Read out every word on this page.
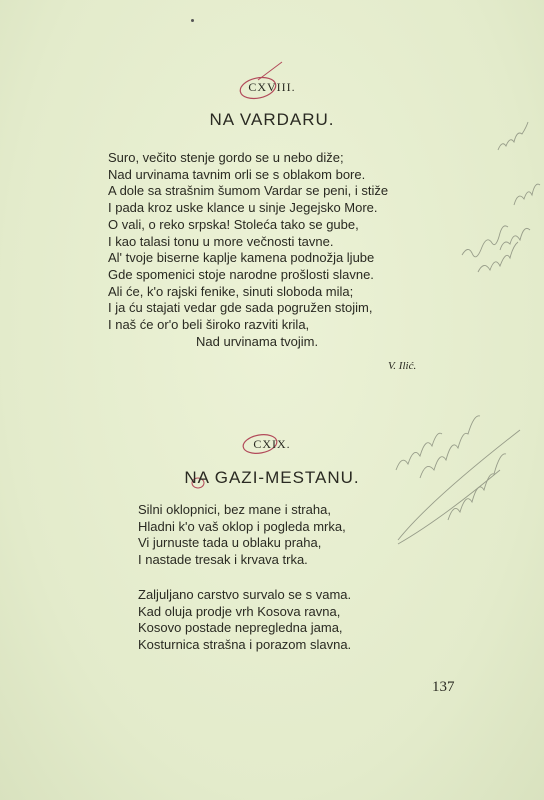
CXVIII.
NA VARDARU.
Suro, večito stenje gordo se u nebo diže;
Nad urvinama tavnim orli se s oblakom bore.
A dole sa strašnim šumom Vardar se peni, i stiže
I pada kroz uske klance u sinje Jegejsko More.
O vali, o reko srpska! Stoleća tako se gube,
I kao talasi tonu u more večnosti tavne.
Al' tvoje biserne kaplje kamena podnožja ljube
Gde spomenici stoje narodne prošlosti slavne.
Ali će, k'o rajski fenike, sinuti sloboda mila;
I ja ću stajati vedar gde sada pogružen stojim,
I naš će or'o beli široko razviti krila,
Nad urvinama tvojim.
V. Ilić.
CXIX.
NA GAZI-MESTANU.
Silni oklopnici, bez mane i straha,
Hladni k'o vaš oklop i pogleda mrka,
Vi jurnuste tada u oblaku praha,
I nastade tresak i krvava trka.
Zaljuljano carstvo survalo se s vama.
Kad oluja prodje vrh Kosova ravna,
Kosovo postade nepregledna jama,
Kosturnica strašna i porazom slavna.
137
